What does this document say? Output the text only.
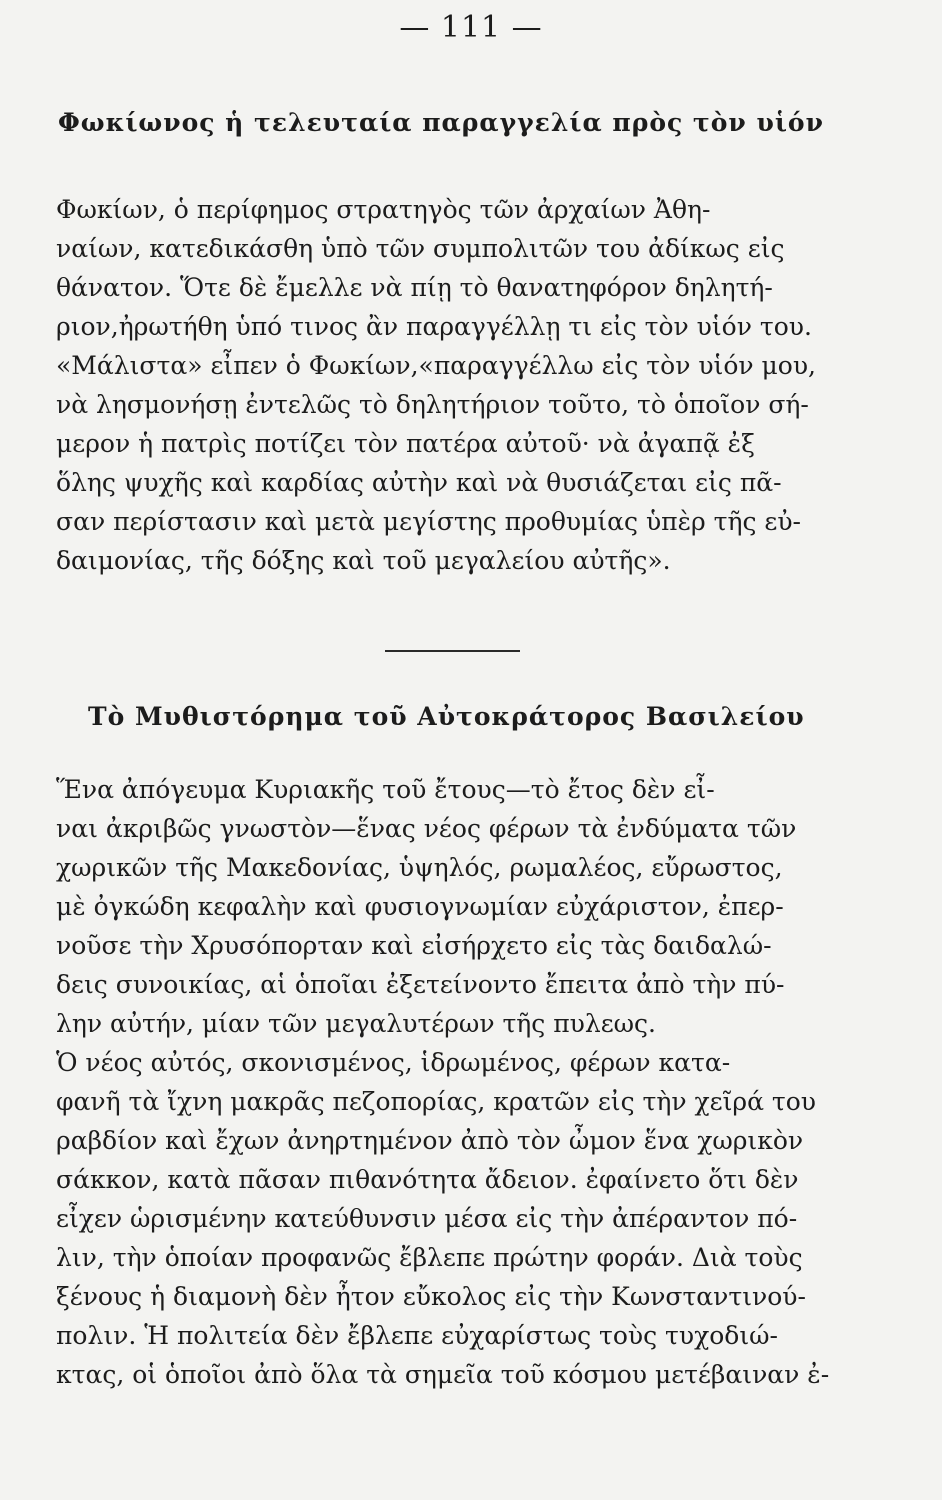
— 111 —
Φωκίωνος ἡ τελευταία παραγγελία πρὸς τὸν υἱόν
Φωκίων, ὁ περίφημος στρατηγὸς τῶν ἀρχαίων Ἀθη-
ναίων, κατεδικάσθη ὑπὸ τῶν συμπολιτῶν του ἀδίκως εἰς
θάνατον. Ὅτε δὲ ἔμελλε νὰ πίῃ τὸ θανατηφόρον δηλητή-
ριον,ἠρωτήθη ὑπό τινος ἂν παραγγέλλῃ τι εἰς τὸν υἱόν του.
«Μάλιστα» εἶπεν ὁ Φωκίων,«παραγγέλλω εἰς τὸν υἱόν μου,
νὰ λησμονήσῃ ἐντελῶς τὸ δηλητήριον τοῦτο, τὸ ὁποῖον σή-
μερον ἡ πατρὶς ποτίζει τὸν πατέρα αὐτοῦ· νὰ ἀγαπᾷ ἐξ
ὅλης ψυχῆς καὶ καρδίας αὐτὴν καὶ νὰ θυσιάζεται εἰς πᾶ-
σαν περίστασιν καὶ μετὰ μεγίστης προθυμίας ὑπὲρ τῆς εὐ-
δαιμονίας, τῆς δόξης καὶ τοῦ μεγαλείου αὐτῆς».
Τὸ Μυθιστόρημα τοῦ Αὐτοκράτορος Βασιλείου
Ἕνα ἀπόγευμα Κυριακῆς τοῦ ἔτους—τὸ ἔτος δὲν εἶ-
ναι ἀκριβῶς γνωστὸν—ἕνας νέος φέρων τὰ ἐνδύματα τῶν
χωρικῶν τῆς Μακεδονίας, ὑψηλός, ρωμαλέος, εὔρωστος,
μὲ ὀγκώδη κεφαλὴν καὶ φυσιογνωμίαν εὐχάριστον, ἐπερ-
νοῦσε τὴν Χρυσόπορταν καὶ εἰσήρχετο εἰς τὰς δαιδαλώ-
δεις συνοικίας, αἱ ὁποῖαι ἐξετείνοντο ἔπειτα ἀπὸ τὴν πύ-
λην αὐτήν, μίαν τῶν μεγαλυτέρων τῆς πυλεως.
Ὁ νέος αὐτός, σκονισμένος, ἱδρωμένος, φέρων κατα-
φανῆ τὰ ἴχνη μακρᾶς πεζοπορίας, κρατῶν εἰς τὴν χεῖρά του
ραβδίον καὶ ἔχων ἀνηρτημένον ἀπὸ τὸν ὦμον ἕνα χωρικὸν
σάκκον, κατὰ πᾶσαν πιθανότητα ἄδειον. ἐφαίνετο ὅτι δὲν
εἶχεν ὡρισμένην κατεύθυνσιν μέσα εἰς τὴν ἀπέραντον πό-
λιν, τὴν ὁποίαν προφανῶς ἔβλεπε πρώτην φοράν. Διὰ τοὺς
ξένους ἡ διαμονὴ δὲν ἦτον εὔκολος εἰς τὴν Κωνσταντινού-
πολιν. Ἡ πολιτεία δὲν ἔβλεπε εὐχαρίστως τοὺς τυχοδιώ-
κτας, οἱ ὁποῖοι ἀπὸ ὅλα τὰ σημεῖα τοῦ κόσμου μετέβαιναν ἐ-
